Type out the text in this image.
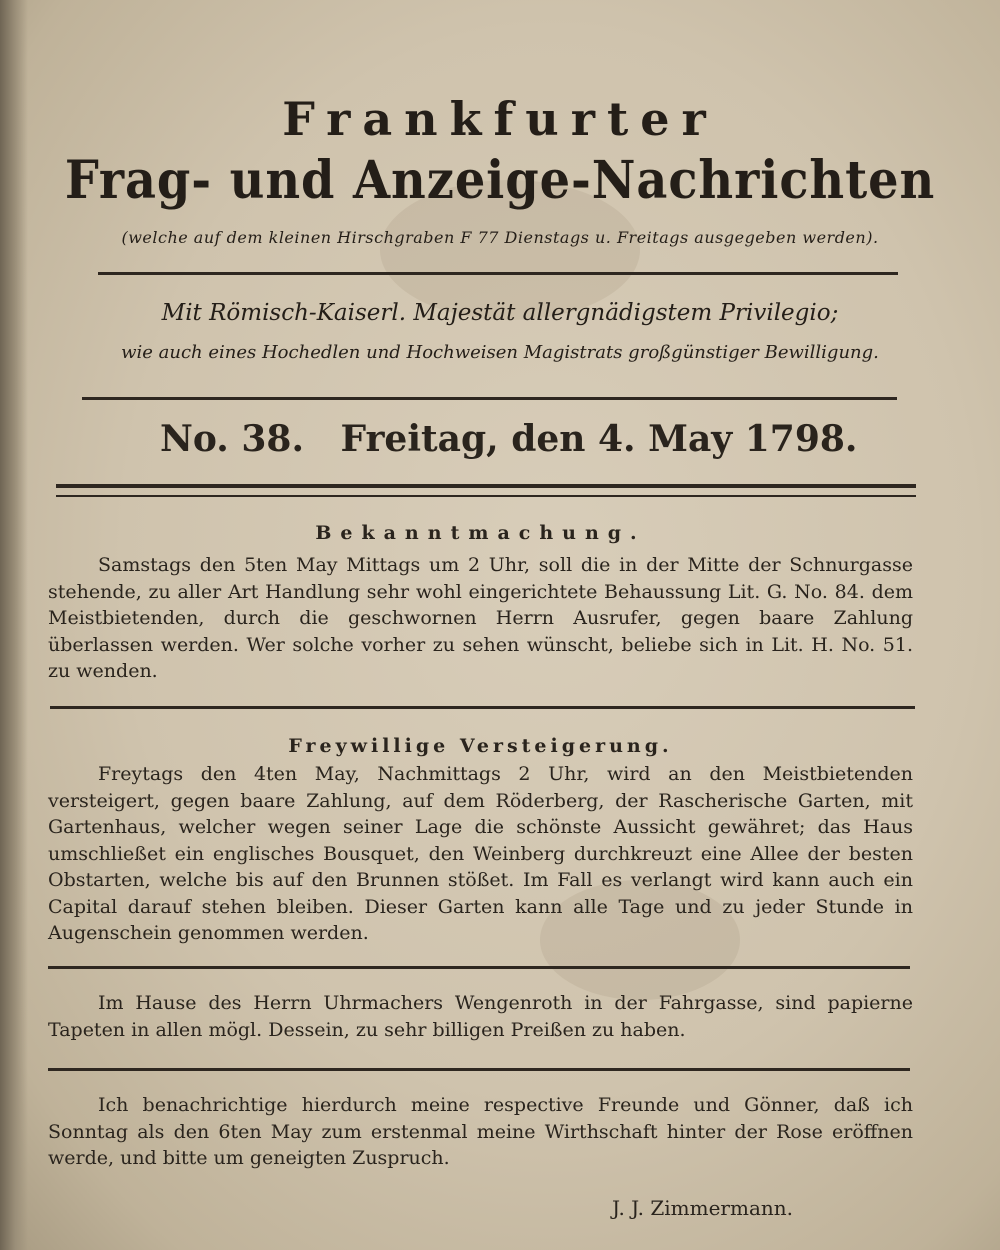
Frankfurter
Frag- und Anzeige-Nachrichten
(welche auf dem kleinen Hirschgraben F 77 Dienstags u. Freitags ausgegeben werden).
Mit Römisch-Kaiserl. Majestät allergnädigstem Privilegio;
wie auch eines Hochedlen und Hochweisen Magistrats großgünstiger Bewilligung.
No. 38. Freitag, den 4. May 1798.

Bekanntmachung.

Samstags den 5ten May Mittags um 2 Uhr, soll die in der Mitte der Schnurgasse stehende, zu aller Art Handlung sehr wohl eingerichtete Behaussung Lit. G. No. 84. dem Meistbietenden, durch die geschwornen Herrn Ausrufer, gegen baare Zahlung überlassen werden. Wer solche vorher zu sehen wünscht, beliebe sich in Lit. H. No. 51. zu wenden.

Freywillige Versteigerung.

Freytags den 4ten May, Nachmittags 2 Uhr, wird an den Meistbietenden versteigert, gegen baare Zahlung, auf dem Röderberg, der Rascherische Garten, mit Gartenhaus, welcher wegen seiner Lage die schönste Aussicht gewähret; das Haus umschließet ein englisches Bousquet, den Weinberg durchkreuzt eine Allee der besten Obstarten, welche bis auf den Brunnen stößet. Im Fall es verlangt wird kann auch ein Capital darauf stehen bleiben. Dieser Garten kann alle Tage und zu jeder Stunde in Augenschein genommen werden.

Im Hause des Herrn Uhrmachers Wengenroth in der Fahrgasse, sind papierne Tapeten in allen mögl. Dessein, zu sehr billigen Preißen zu haben.

Ich benachrichtige hierdurch meine respective Freunde und Gönner, daß ich Sonntag als den 6ten May zum erstenmal meine Wirthschaft hinter der Rose eröffnen werde, und bitte um geneigten Zuspruch.

J. J. Zimmermann.
